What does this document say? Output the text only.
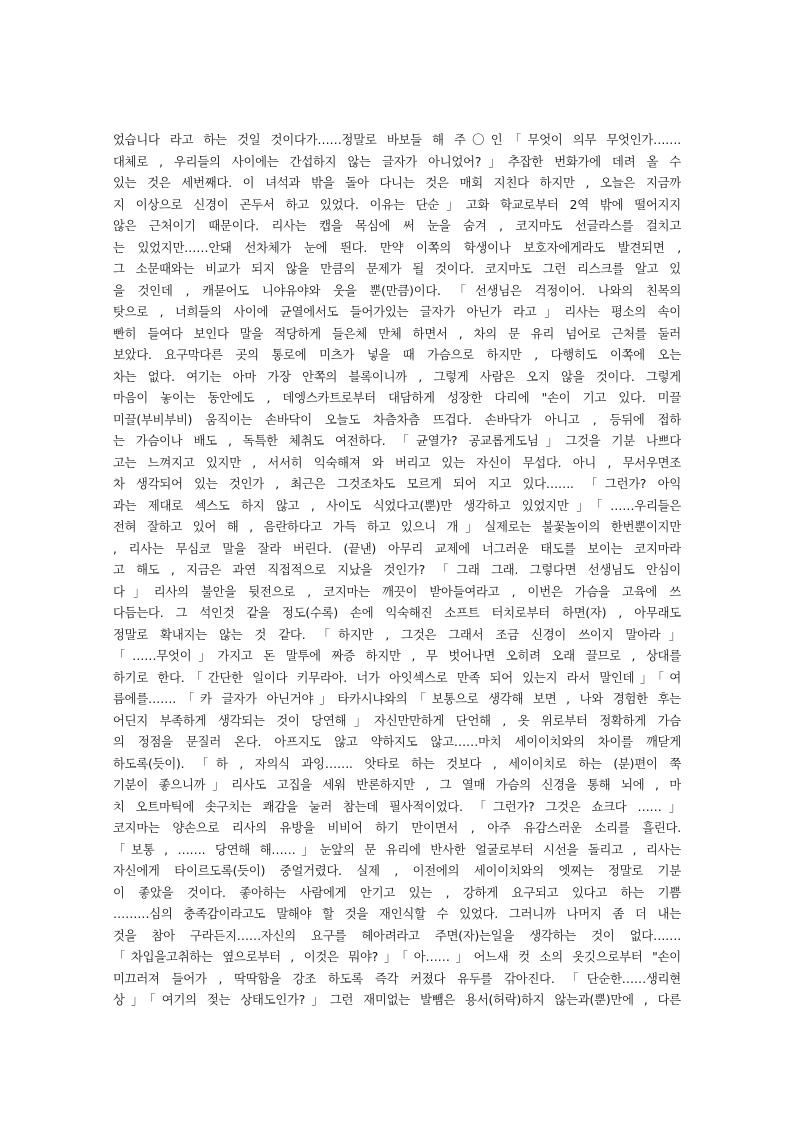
었습니다 라고 하는 것일 것이다가……정말로 바보들 해 주〇인「무엇이 의무 무엇인가…….
대체로 , 우리들의 사이에는 간섭하지 않는 글자가 아니었어?」추잡한 번화가에 데려 올 수
있는 것은 세번째다. 이 녀석과 밖을 돌아 다니는 것은 매회 지친다 하지만 , 오늘은 지금까
지 이상으로 신경이 곤두서 하고 있었다. 이유는 단순」고화 학교로부터 2역 밖에 떨어지지
않은 근처이기 때문이다. 리사는 캡을 목심에 써 눈을 숨겨 , 코지마도 선글라스를 걸치고
는 있었지만……안돼 선차체가 눈에 띈다. 만약 이쪽의 학생이나 보호자에게라도 발견되면 ,
그 소문때와는 비교가 되지 않을 만큼의 문제가 될 것이다. 코지마도 그런 리스크를 알고 있
을 것인데 , 캐묻어도 니야유야와 웃을 뿐(만큼)이다. 「선생님은 걱정이어. 나와의 친목의
탓으로 , 너희들의 사이에 균열에서도 들어가있는 글자가 아닌가 라고」리사는 평소의 속이
빤히 들여다 보인다 말을 적당하게 들은체 만체 하면서 , 차의 문 유리 넘어로 근처를 둘러
보았다. 요구막다른 곳의 통로에 미츠가 넣을 때 가슴으로 하지만 , 다행히도 이쪽에 오는
차는 없다. 여기는 아마 가장 안쪽의 블록이니까 , 그렇게 사람은 오지 않을 것이다. 그렇게
마음이 놓이는 동안에도 , 데엥스카트로부터 대담하게 성장한 다리에 "손이 기고 있다. 미끌
미끌(부비부비) 움직이는 손바닥이 오늘도 차츰차츰 뜨겁다. 손바닥가 아니고 , 등뒤에 접하
는 가슴이나 배도 , 독특한 체취도 여전하다. 「균열가? 공교롭게도님」그것을 기분 나쁘다
고는 느껴지고 있지만 , 서서히 익숙해져 와 버리고 있는 자신이 무섭다. 아니 , 무서우면조
차 생각되어 있는 것인가 , 최근은 그것조차도 모르게 되어 지고 있다……. 「그런가? 아익
과는 제대로 섹스도 하지 않고 , 사이도 식었다고(뿐)만 생각하고 있었지만」「……우리들은
전혀 잘하고 있어 해 , 음란하다고 가득 하고 있으니 개」실제로는 불꽃놀이의 한번뿐이지만
, 리사는 무심코 말을 잘라 버린다. (끝낸) 아무리 교제에 너그러운 태도를 보이는 코지마라
고 해도 , 지금은 과연 직접적으로 지났을 것인가? 「그래 그래. 그렇다면 선생님도 안심이
다」리사의 불안을 뒷전으로 , 코지마는 깨끗이 받아들여라고 , 이번은 가슴을 고육에 쓰
다듬는다. 그 석인것 같을 정도(수록) 손에 익숙해진 소프트 터치로부터 하면(자) , 아무래도
정말로 확내지는 않는 것 같다. 「하지만 , 그것은 그래서 조금 신경이 쓰이지 말아라」
「……무엇이」가지고 돈 말투에 짜증 하지만 , 무 벗어나면 오히려 오래 끌므로 , 상대를
하기로 한다.「간단한 일이다 키무라아. 너가 아잇섹스로 만족 되어 있는지 라서 말인데」「여
름에를…….「카 글자가 아닌거야」타카시냐와의「보통으로 생각해 보면 , 나와 경험한 후는
어딘지 부족하게 생각되는 것이 당연해」자신만만하게 단언해 , 옷 위로부터 정확하게 가슴
의 정점을 문질러 온다. 아프지도 않고 약하지도 않고……마치 세이이치와의 차이를 깨닫게
하도록(듯이). 「하 , 자의식 과잉……. 앗타로 하는 것보다 , 세이이치로 하는 (분)편이 쭉
기분이 좋으니까」리사도 고집을 세워 반론하지만 , 그 열매 가슴의 신경을 통해 뇌에 , 마
치 오트마틱에 솟구치는 쾌감을 눌러 참는데 필사적이었다. 「그런가? 그것은 쇼크다 ……」
코지마는 양손으로 리사의 유방을 비비어 하기 만이면서 , 아주 유감스러운 소리를 흘린다.
「보통 , ……. 당연해 해……」눈앞의 문 유리에 반사한 얼굴로부터 시선을 돌리고 , 리사는
자신에게 타이르도록(듯이) 중얼거렸다. 실제 , 이전에의 세이이치와의 엣찌는 정말로 기분
이 좋았을 것이다. 좋아하는 사람에게 안기고 있는 , 강하게 요구되고 있다고 하는 기쁨
………심의 충족감이라고도 말해야 할 것을 재인식할 수 있었다. 그러니까 나머지 좀 더 내는
것을 참아 구라든지……자신의 요구를 헤아려라고 주면(자)는일을 생각하는 것이 없다…….
「차입을고취하는 옆으로부터 , 이것은 뭐야?」「아……」어느새 컷 소의 옷깃으로부터 "손이
미끄러져 들어가 , 딱딱함을 강조 하도록 즉각 커졌다 유두를 갂아진다. 「단순한……생리현
상」「여기의 젖는 상태도인가?」그런 재미없는 발뺌은 용서(허락)하지 않는과(뿐)만에 , 다른
